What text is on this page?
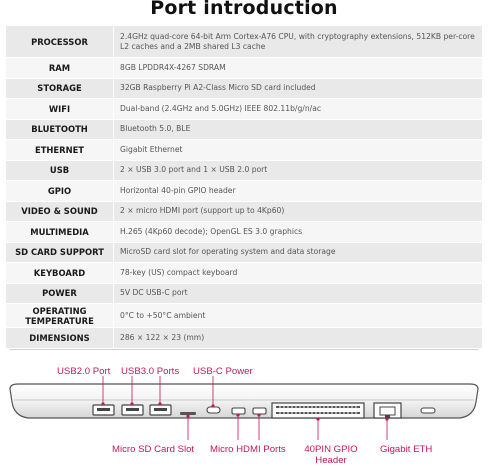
Port introduction
PROCESSOR	2.4GHz quad-core 64-bit Arm Cortex-A76 CPU, with cryptography extensions, 512KB per-core L2 caches and a 2MB shared L3 cache
RAM	8GB LPDDR4X-4267 SDRAM
STORAGE	32GB Raspberry Pi A2-Class Micro SD card included
WIFI	Dual-band (2.4GHz and 5.0GHz) IEEE 802.11b/g/n/ac
BLUETOOTH	Bluetooth 5.0, BLE
ETHERNET	Gigabit Ethernet
USB	2 × USB 3.0 port and 1 × USB 2.0 port
GPIO	Horizontal 40-pin GPIO header
VIDEO & SOUND	2 × micro HDMI port (support up to 4Kp60)
MULTIMEDIA	H.265 (4Kp60 decode); OpenGL ES 3.0 graphics
SD CARD SUPPORT	MicroSD card slot for operating system and data storage
KEYBOARD	78-key (US) compact keyboard
POWER	5V DC USB-C port
OPERATING TEMPERATURE	0°C to +50°C ambient
DIMENSIONS	286 × 122 × 23 (mm)
USB2.0 Port USB3.0 Ports USB-C Power
Micro SD Card Slot Micro HDMI Ports	40PIN GPIO Header
Gigabit ETH
